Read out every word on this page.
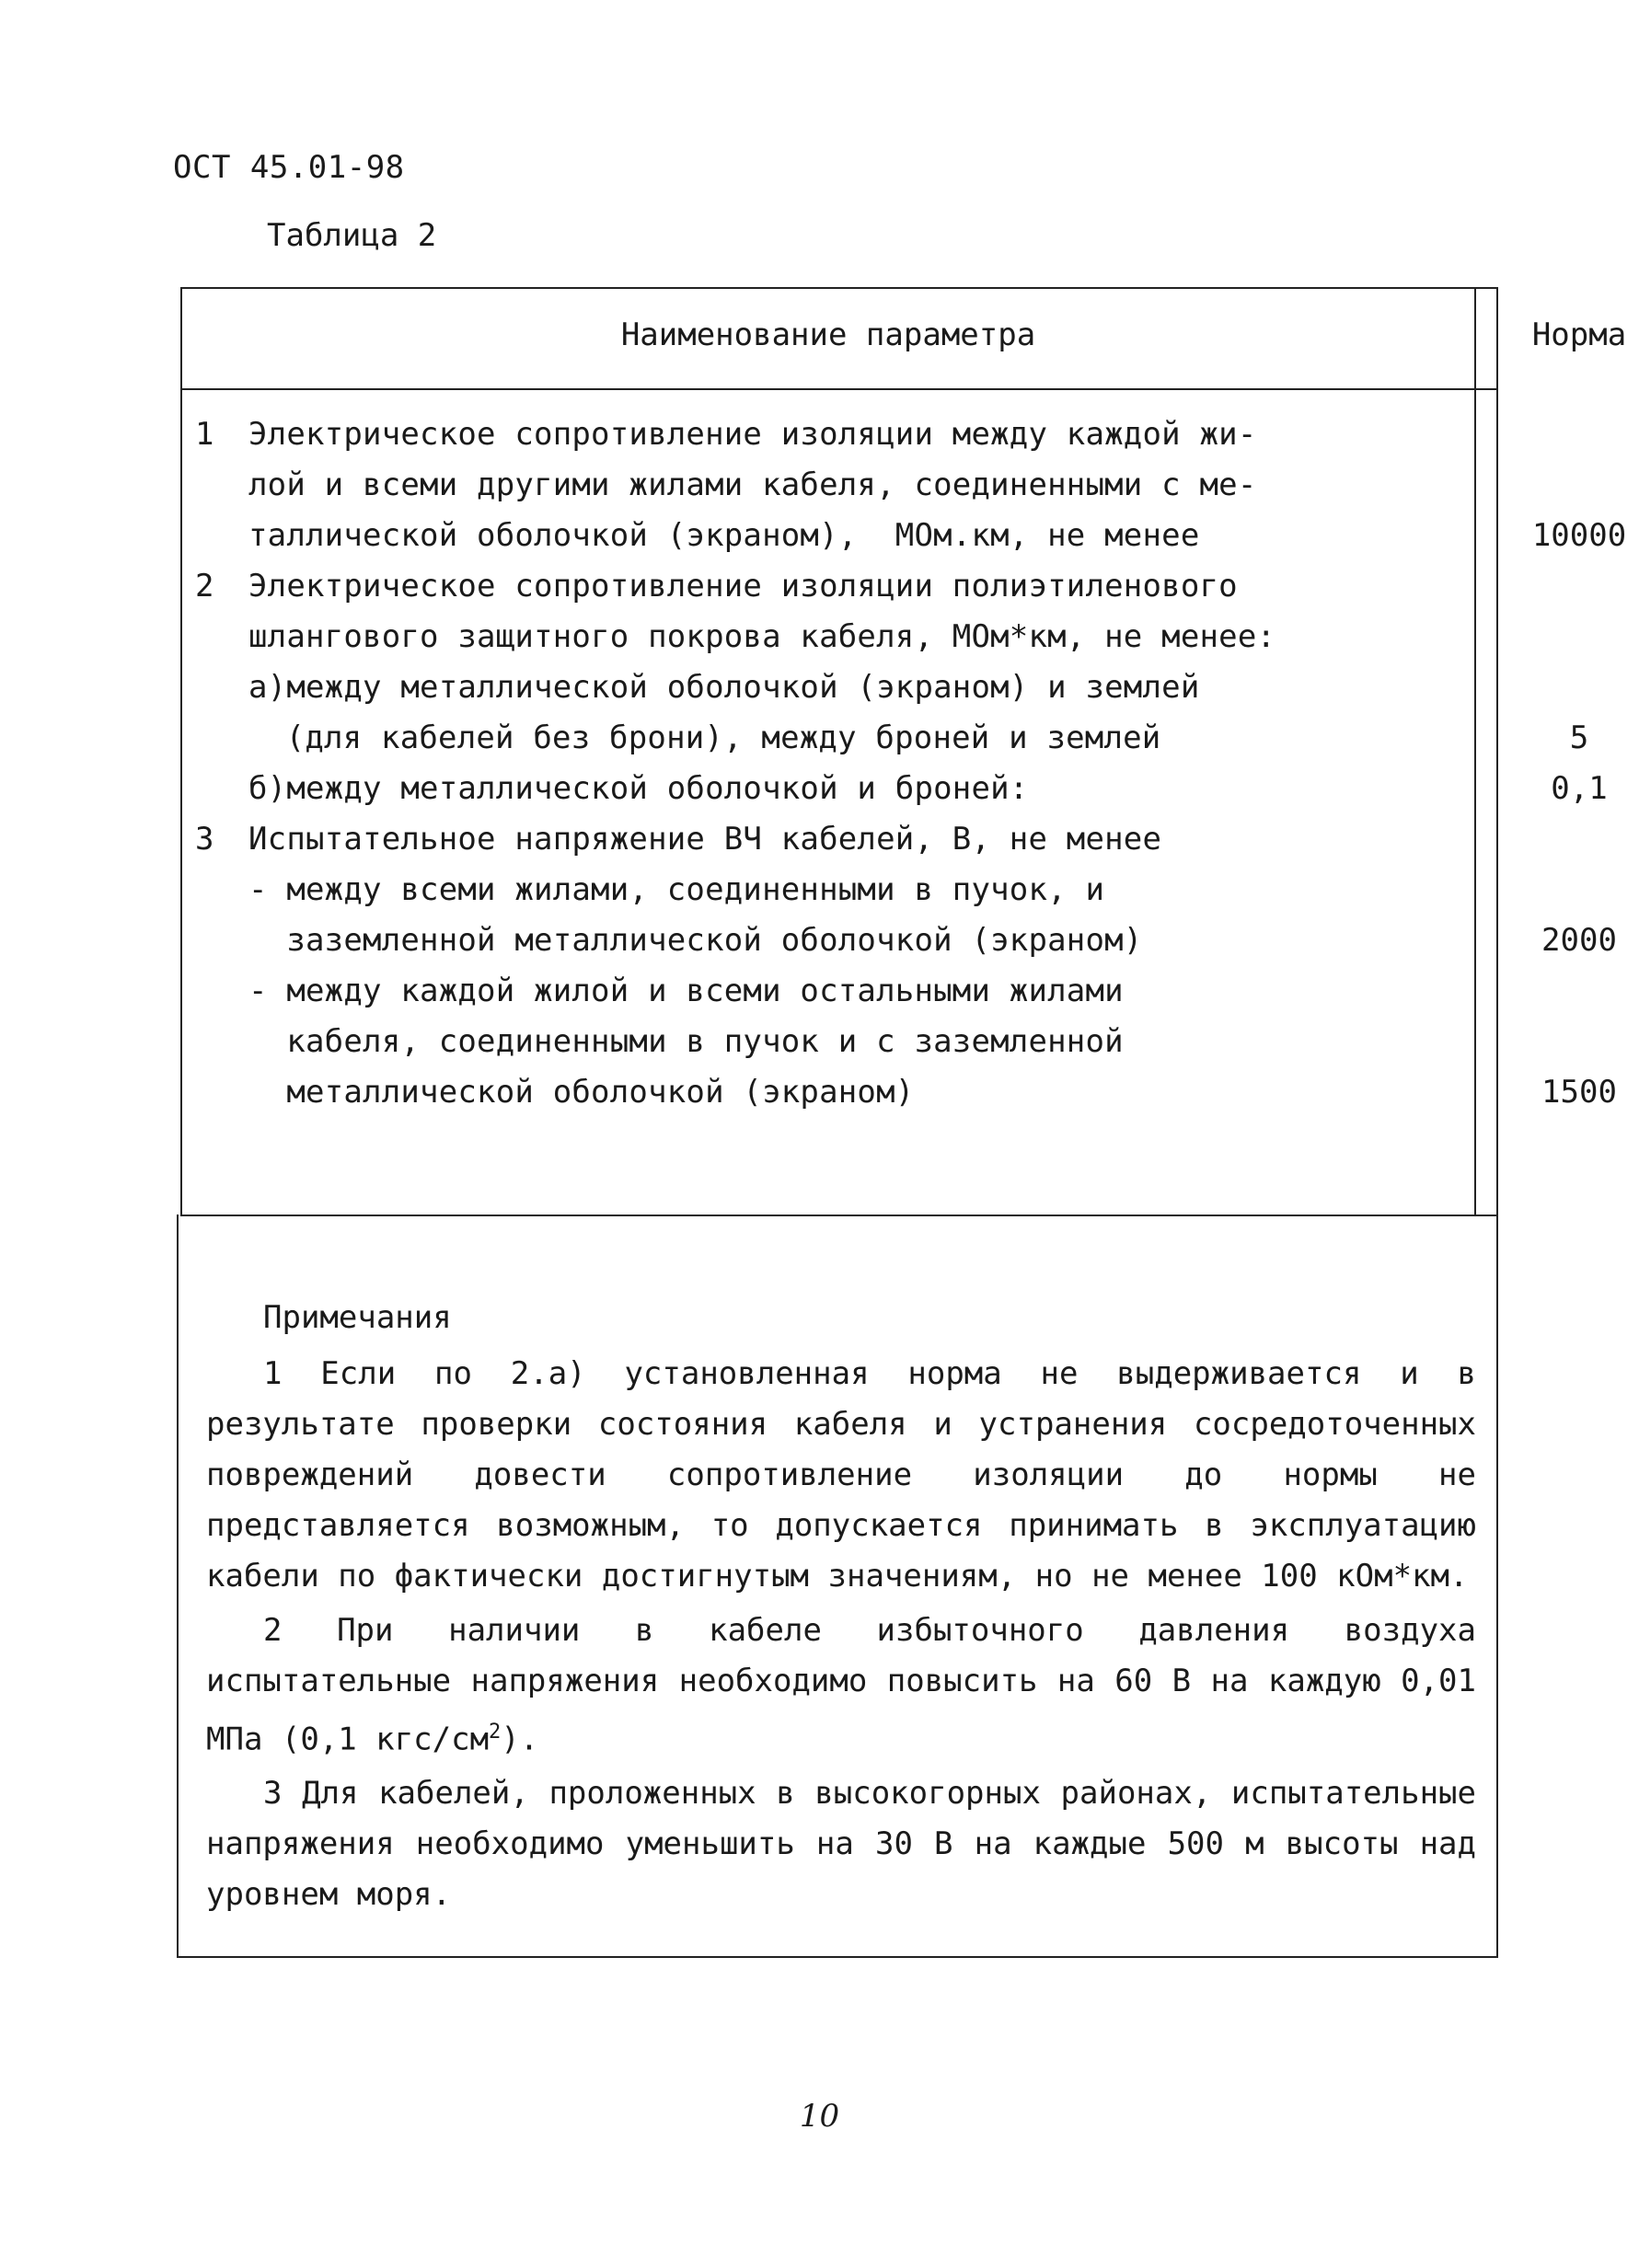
ОСТ 45.01-98
Таблица 2
Наименование параметра	Норма
1 Электрическое сопротивление изоляции между каждой жи-
лой и всеми другими жилами кабеля, соединенными с ме-
таллической оболочкой (экраном),  МОм.км, не менее	10000
2 Электрическое сопротивление изоляции полиэтиленового
шлангового защитного покрова кабеля, МОм*км, не менее:
а)между металлической оболочкой (экраном) и землей
(для кабелей без брони), между броней и землей	5
б)между металлической оболочкой и броней:	0,1
3 Испытательное напряжение ВЧ кабелей, В, не менее
- между всеми жилами, соединенными в пучок, и
заземленной металлической оболочкой (экраном)	2000
- между каждой жилой и всеми остальными жилами
кабеля, соединенными в пучок и с заземленной
металлической оболочкой (экраном)	1500
Примечания

1 Если по 2.а) установленная норма не выдерживается и в результате проверки состояния кабеля и устранения сосредоточенных повреждений довести сопротивление изоляции до нормы не представляется возможным, то допускается принимать в эксплуатацию кабели по фактически достигнутым значениям, но не менее 100 кОм*км.

2 При наличии в кабеле избыточного давления воздуха испытательные напряжения необходимо повысить на 60 В на каждую 0,01 МПа (0,1 кгс/$см^2$).

3 Для кабелей, проложенных в высокогорных районах, испытательные напряжения необходимо уменьшить на 30 В на каждые 500 м высоты над уровнем моря.

10
